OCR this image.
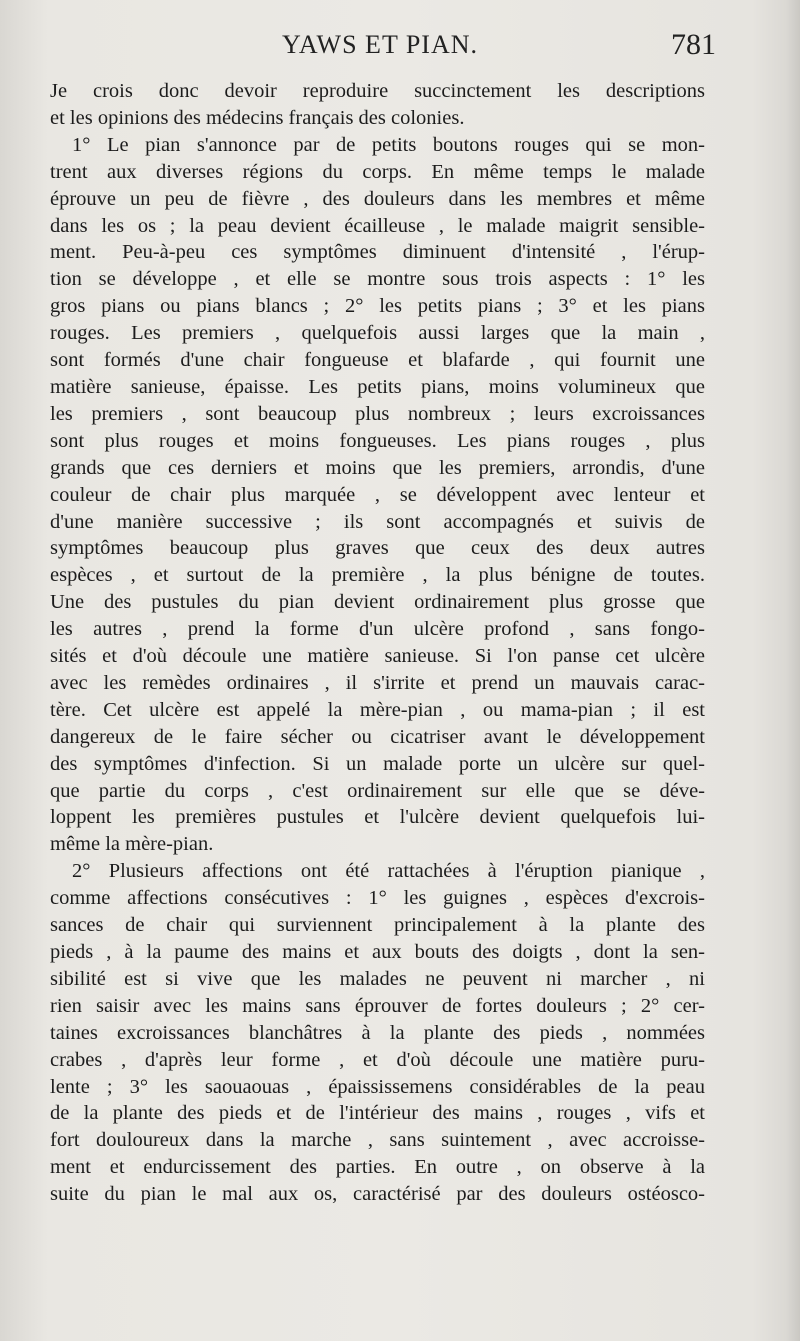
YAWS ET PIAN.	781
Je crois donc devoir reproduire succinctement les descriptions
et les opinions des médecins français des colonies.
1° Le pian s'annonce par de petits boutons rouges qui se mon-
trent aux diverses régions du corps. En même temps le malade
éprouve un peu de fièvre , des douleurs dans les membres et même
dans les os ; la peau devient écailleuse , le malade maigrit sensible-
ment. Peu-à-peu ces symptômes diminuent d'intensité , l'érup-
tion se développe , et elle se montre sous trois aspects : 1° les
gros pians ou pians blancs ; 2° les petits pians ; 3° et les pians
rouges. Les premiers , quelquefois aussi larges que la main ,
sont formés d'une chair fongueuse et blafarde , qui fournit une
matière sanieuse, épaisse. Les petits pians, moins volumineux que
les premiers , sont beaucoup plus nombreux ; leurs excroissances
sont plus rouges et moins fongueuses. Les pians rouges , plus
grands que ces derniers et moins que les premiers, arrondis, d'une
couleur de chair plus marquée , se développent avec lenteur et
d'une manière successive ; ils sont accompagnés et suivis de
symptômes beaucoup plus graves que ceux des deux autres
espèces , et surtout de la première , la plus bénigne de toutes.
Une des pustules du pian devient ordinairement plus grosse que
les autres , prend la forme d'un ulcère profond , sans fongo-
sités et d'où découle une matière sanieuse. Si l'on panse cet ulcère
avec les remèdes ordinaires , il s'irrite et prend un mauvais carac-
tère. Cet ulcère est appelé la mère-pian , ou mama-pian ; il est
dangereux de le faire sécher ou cicatriser avant le développement
des symptômes d'infection. Si un malade porte un ulcère sur quel-
que partie du corps , c'est ordinairement sur elle que se déve-
loppent les premières pustules et l'ulcère devient quelquefois lui-
même la mère-pian.
2° Plusieurs affections ont été rattachées à l'éruption pianique ,
comme affections consécutives : 1° les guignes , espèces d'excrois-
sances de chair qui surviennent principalement à la plante des
pieds , à la paume des mains et aux bouts des doigts , dont la sen-
sibilité est si vive que les malades ne peuvent ni marcher , ni
rien saisir avec les mains sans éprouver de fortes douleurs ; 2° cer-
taines excroissances blanchâtres à la plante des pieds , nommées
crabes , d'après leur forme , et d'où découle une matière puru-
lente ; 3° les saouaouas , épaississemens considérables de la peau
de la plante des pieds et de l'intérieur des mains , rouges , vifs et
fort douloureux dans la marche , sans suintement , avec accroisse-
ment et endurcissement des parties. En outre , on observe à la
suite du pian le mal aux os, caractérisé par des douleurs ostéosco-
